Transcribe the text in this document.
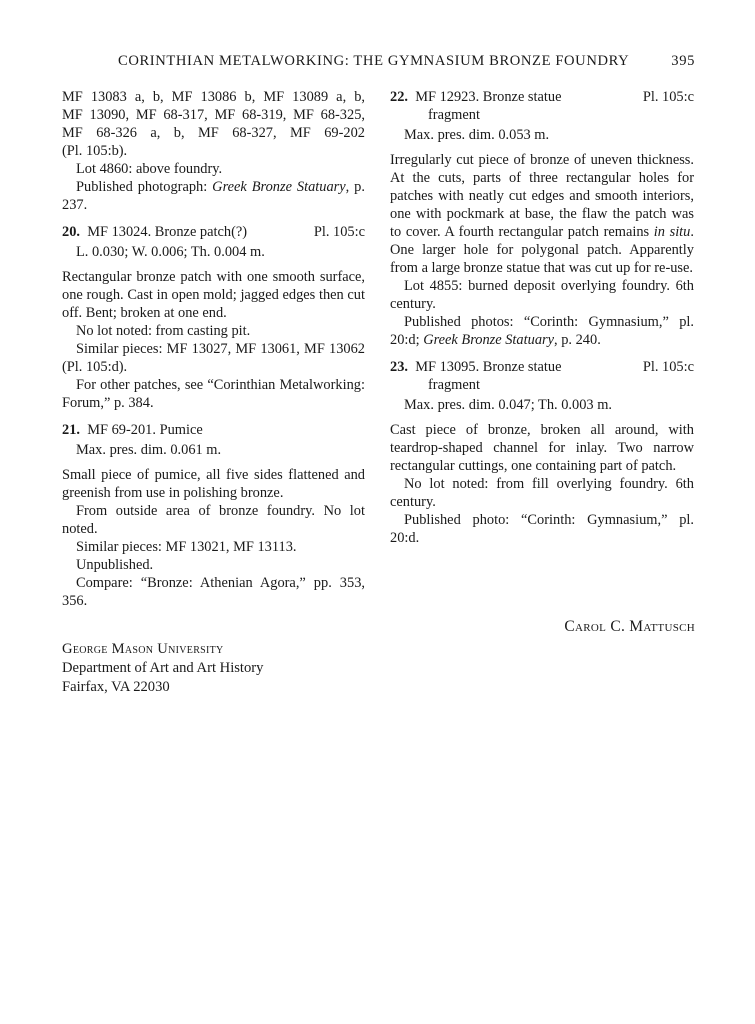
CORINTHIAN METALWORKING: THE GYMNASIUM BRONZE FOUNDRY	395

MF 13083 a, b, MF 13086 b, MF 13089 a, b,

MF 13090, MF 68-317, MF 68-319, MF 68-325,

MF 68-326 a, b, MF 68-327, MF 69-202

(Pl. 105:b).

Lot 4860: above foundry.

Published photograph: Greek Bronze Statuary, p. 237.

20. MF 13024. Bronze patch(?)	Pl. 105:c

L. 0.030; W. 0.006; Th. 0.004 m.

Rectangular bronze patch with one smooth surface, one rough. Cast in open mold; jagged edges then cut off. Bent; broken at one end.

No lot noted: from casting pit.

Similar pieces: MF 13027, MF 13061, MF 13062 (Pl. 105:d).

For other patches, see “Corinthian Metalworking: Forum,” p. 384.

21. MF 69-201. Pumice

Max. pres. dim. 0.061 m.

Small piece of pumice, all five sides flattened and greenish from use in polishing bronze.

From outside area of bronze foundry. No lot noted.

Similar pieces: MF 13021, MF 13113.

Unpublished.

Compare: “Bronze: Athenian Agora,” pp. 353, 356.

22. MF 12923. Bronze statue	Pl. 105:c
fragment

Max. pres. dim. 0.053 m.

Irregularly cut piece of bronze of uneven thickness. At the cuts, parts of three rectangular holes for patches with neatly cut edges and smooth interiors, one with pockmark at base, the flaw the patch was to cover. A fourth rectangular patch remains in situ. One larger hole for polygonal patch. Apparently from a large bronze statue that was cut up for re-use.

Lot 4855: burned deposit overlying foundry. 6th century.

Published photos: “Corinth: Gymnasium,” pl. 20:d; Greek Bronze Statuary, p. 240.

23. MF 13095. Bronze statue	Pl. 105:c
fragment

Max. pres. dim. 0.047; Th. 0.003 m.

Cast piece of bronze, broken all around, with teardrop-shaped channel for inlay. Two narrow rectangular cuttings, one containing part of patch.

No lot noted: from fill overlying foundry. 6th century.

Published photo: “Corinth: Gymnasium,” pl. 20:d.

Carol C. Mattusch
George Mason University
Department of Art and Art History
Fairfax, VA 22030
